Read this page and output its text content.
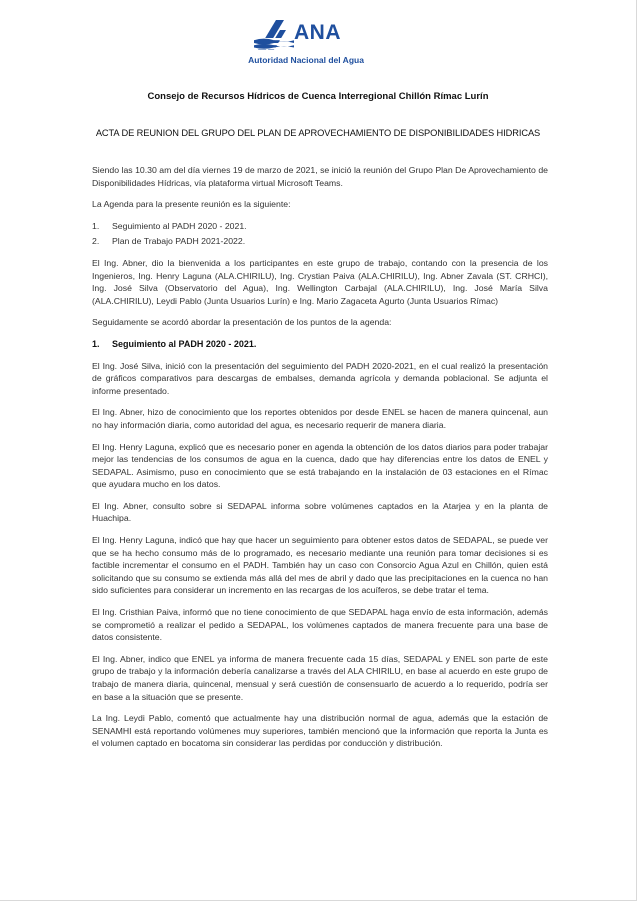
ANA
Autoridad Nacional del Agua
Consejo de Recursos Hídricos de Cuenca Interregional Chillón Rímac Lurín
ACTA DE REUNION DEL GRUPO DEL PLAN DE APROVECHAMIENTO DE DISPONIBILIDADES HIDRICAS

Siendo las 10.30 am del día viernes 19 de marzo de 2021, se inició la reunión del Grupo Plan De Aprovechamiento de Disponibilidades Hídricas, vía plataforma virtual Microsoft Teams.

La Agenda para la presente reunión es la siguiente:

1. Seguimiento al PADH 2020 - 2021.
2. Plan de Trabajo PADH 2021-2022.

El Ing. Abner, dio la bienvenida a los participantes en este grupo de trabajo, contando con la presencia de los Ingenieros, Ing. Henry Laguna (ALA.CHIRILU), Ing. Crystian Paiva (ALA.CHIRILU), Ing. Abner Zavala (ST. CRHCI), Ing. José Silva (Observatorio del Agua), Ing. Wellington Carbajal (ALA.CHIRILU), Ing. José María Silva (ALA.CHIRILU), Leydi Pablo (Junta Usuarios Lurín) e Ing. Mario Zagaceta Agurto (Junta Usuarios Rímac)

Seguidamente se acordó abordar la presentación de los puntos de la agenda:

1. Seguimiento al PADH 2020 - 2021.

El Ing. José Silva, inició con la presentación del seguimiento del PADH 2020-2021, en el cual realizó la presentación de gráficos comparativos para descargas de embalses, demanda agrícola y demanda poblacional. Se adjunta el informe presentado.

El Ing. Abner, hizo de conocimiento que los reportes obtenidos por desde ENEL se hacen de manera quincenal, aun no hay información diaria, como autoridad del agua, es necesario requerir de manera diaria.

El Ing. Henry Laguna, explicó que es necesario poner en agenda la obtención de los datos diarios para poder trabajar mejor las tendencias de los consumos de agua en la cuenca, dado que hay diferencias entre los datos de ENEL y SEDAPAL. Asimismo, puso en conocimiento que se está trabajando en la instalación de 03 estaciones en el Rímac que ayudara mucho en los datos.

El Ing. Abner, consulto sobre si SEDAPAL informa sobre volúmenes captados en la Atarjea y en la planta de Huachipa.

El Ing. Henry Laguna, indicó que hay que hacer un seguimiento para obtener estos datos de SEDAPAL, se puede ver que se ha hecho consumo más de lo programado, es necesario mediante una reunión para tomar decisiones si es factible incrementar el consumo en el PADH. También hay un caso con Consorcio Agua Azul en Chillón, quien está solicitando que su consumo se extienda más allá del mes de abril y dado que las precipitaciones en la cuenca no han sido suficientes para considerar un incremento en las recargas de los acuíferos, se debe tratar el tema.

El Ing. Cristhian Paiva, informó que no tiene conocimiento de que SEDAPAL haga envío de esta información, además se comprometió a realizar el pedido a SEDAPAL, los volúmenes captados de manera frecuente para una base de datos consistente.

El Ing. Abner, indico que ENEL ya informa de manera frecuente cada 15 días, SEDAPAL y ENEL son parte de este grupo de trabajo y la información debería canalizarse a través del ALA CHIRILU, en base al acuerdo en este grupo de trabajo de manera diaria, quincenal, mensual y será cuestión de consensuarlo de acuerdo a lo requerido, podría ser en base a la situación que se presente.

La Ing. Leydi Pablo, comentó que actualmente hay una distribución normal de agua, además que la estación de SENAMHI está reportando volúmenes muy superiores, también mencionó que la información que reporta la Junta es el volumen captado en bocatoma sin considerar las perdidas por conducción y distribución.
